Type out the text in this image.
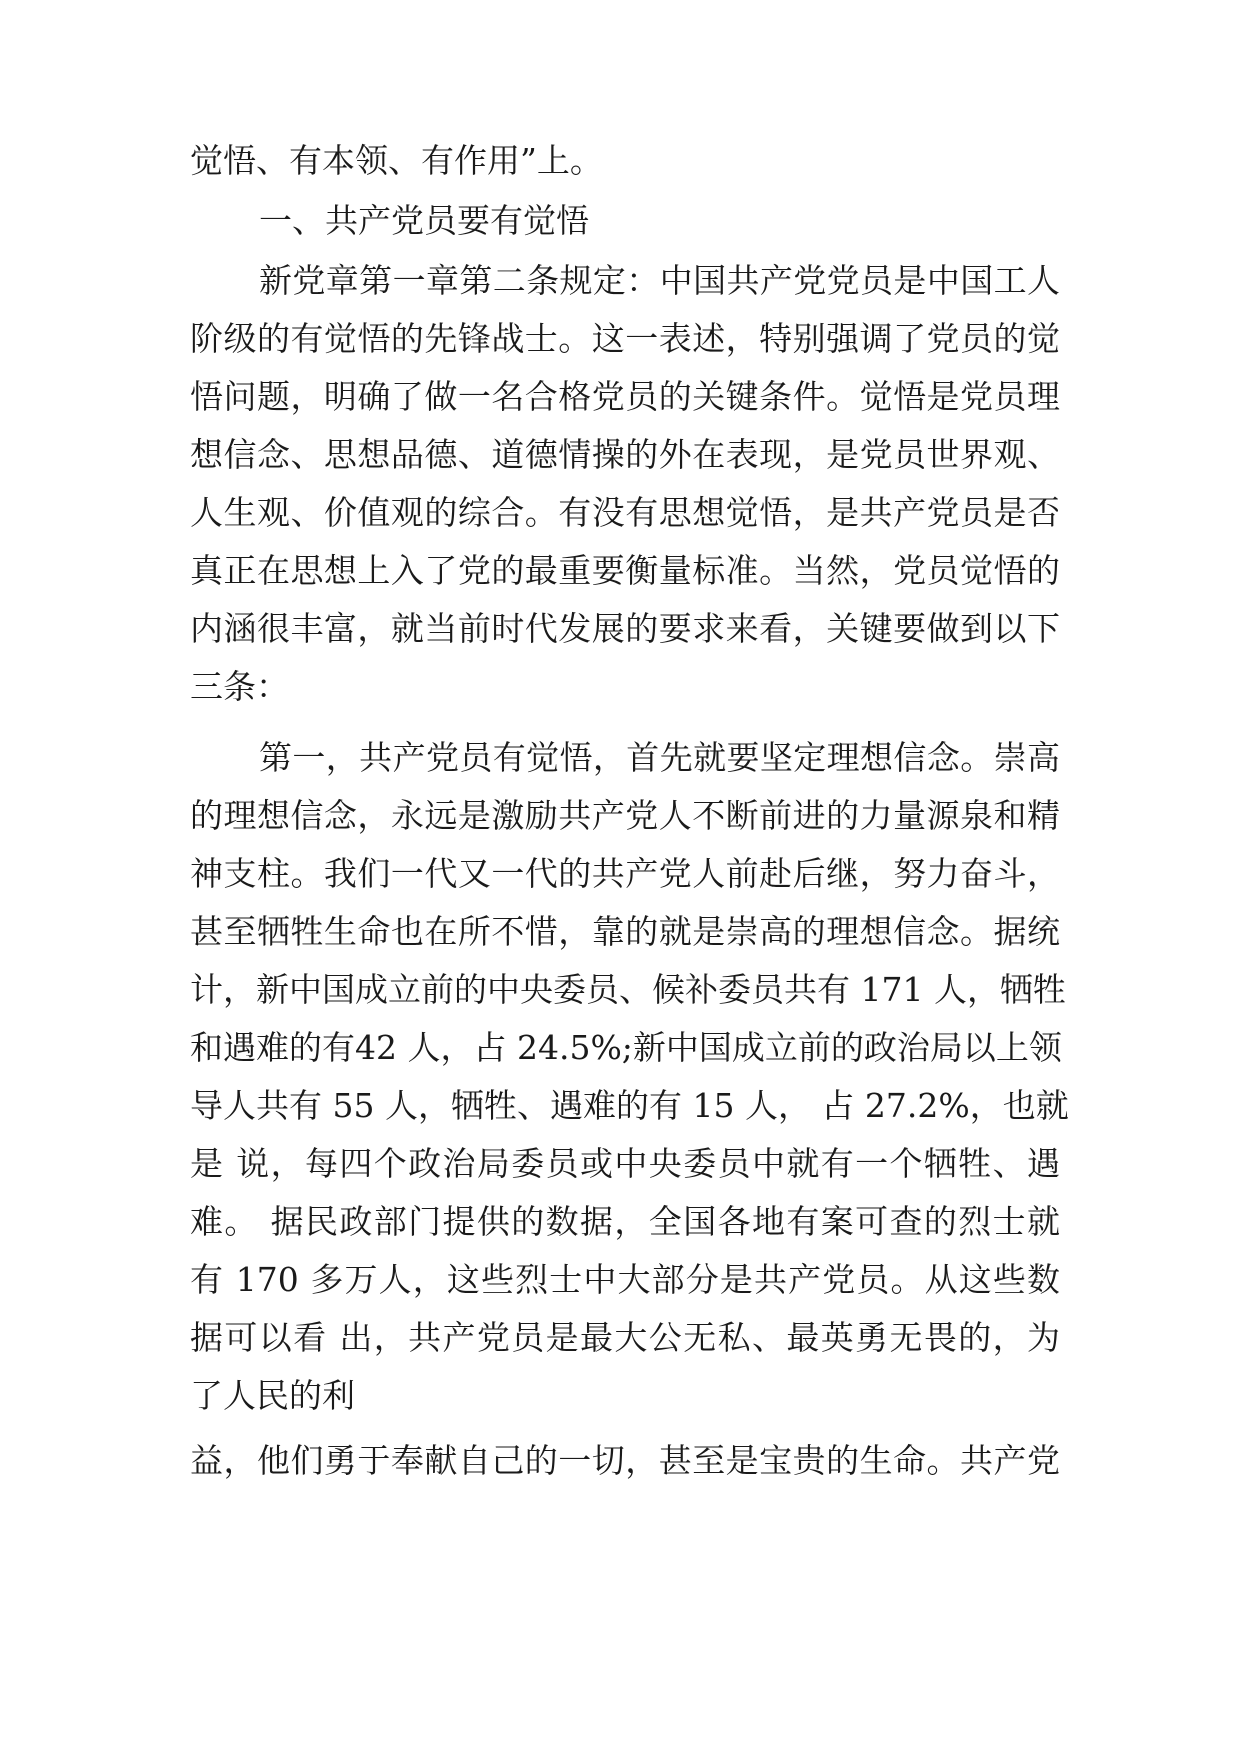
觉悟、有本领、有作用”上。
一、共产党员要有觉悟
新党章第一章第二条规定：中国共产党党员是中国工人
阶级的有觉悟的先锋战士。这一表述，特别强调了党员的觉
悟问题，明确了做一名合格党员的关键条件。觉悟是党员理
想信念、思想品德、道德情操的外在表现，是党员世界观、
人生观、价值观的综合。有没有思想觉悟，是共产党员是否
真正在思想上入了党的最重要衡量标准。当然，党员觉悟的
内涵很丰富，就当前时代发展的要求来看，关键要做到以下
三条：
第一，共产党员有觉悟，首先就要坚定理想信念。崇高
的理想信念，永远是激励共产党人不断前进的力量源泉和精
神支柱。我们一代又一代的共产党人前赴后继，努力奋斗，
甚至牺牲生命也在所不惜，靠的就是崇高的理想信念。据统
计，新中国成立前的中央委员、候补委员共有 171 人，牺牲
和遇难的有42 人，占 24.5%;新中国成立前的政治局以上领
导人共有 55 人，牺牲、遇难的有 15 人， 占 27.2%，也就
是 说，每四个政治局委员或中央委员中就有一个牺牲、遇
难。 据民政部门提供的数据，全国各地有案可查的烈士就
有 170 多万人，这些烈士中大部分是共产党员。从这些数
据可以看 出，共产党员是最大公无私、最英勇无畏的，为
了人民的利
益，他们勇于奉献自己的一切，甚至是宝贵的生命。共产党
